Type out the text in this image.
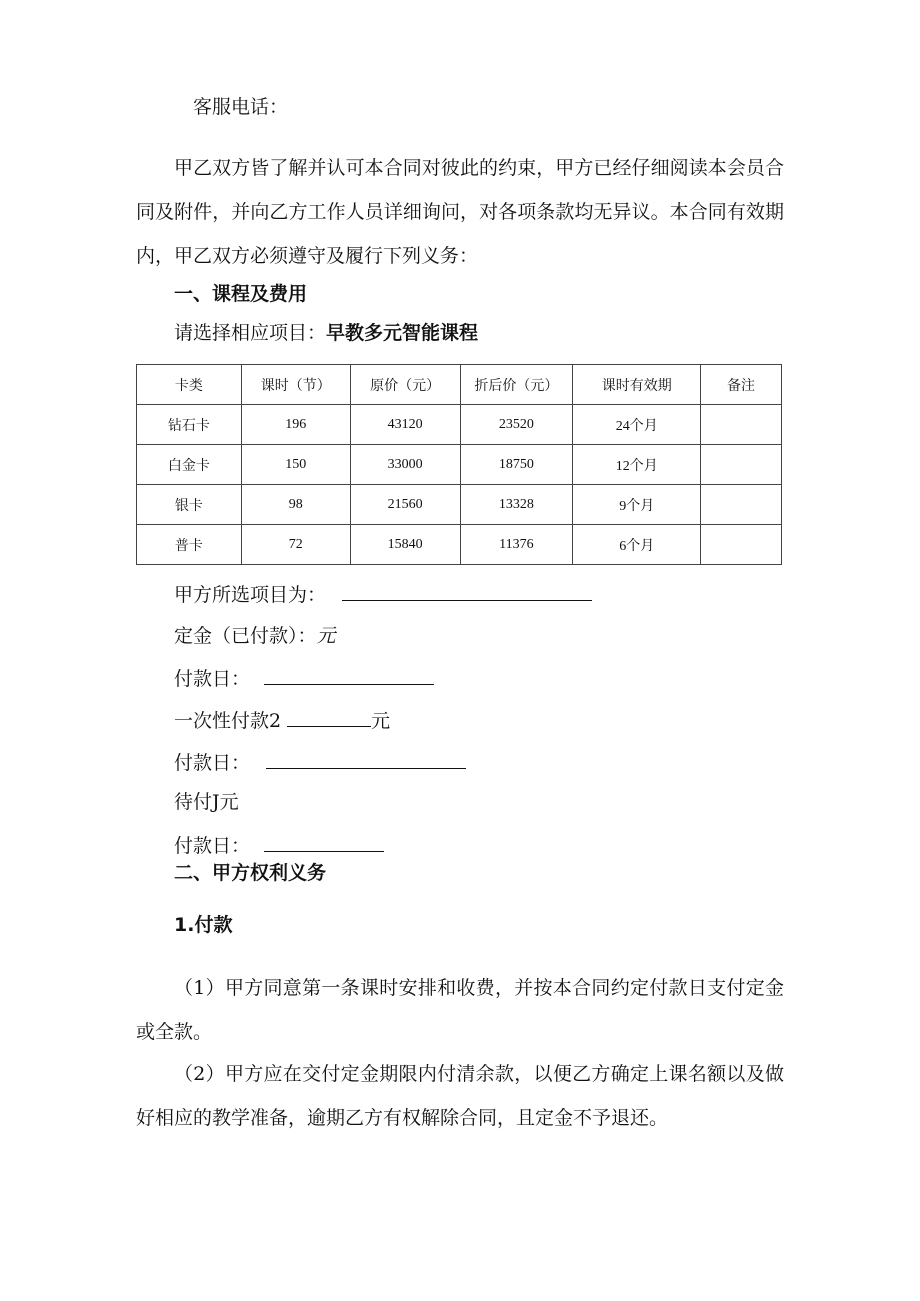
客服电话：
甲乙双方皆了解并认可本合同对彼此的约束，甲方已经仔细阅读本会员合同及附件，并向乙方工作人员详细询问，对各项条款均无异议。本合同有效期内，甲乙双方必须遵守及履行下列义务：
一、课程及费用
请选择相应项目：早教多元智能课程
卡类	课时（节）	原价（元）	折后价（元）	课时有效期	备注
钻石卡	196	43120	23520	24个月	
白金卡	150	33000	18750	12个月	
银卡	98	21560	13328	9个月	
普卡	72	15840	11376	6个月	
甲方所选项目为：
定金（已付款）：元
付款日：
一次性付款2	元
付款日：
待付J元
付款日：
二、甲方权利义务
1.付款
（1）甲方同意第一条课时安排和收费，并按本合同约定付款日支付定金或全款。
（2）甲方应在交付定金期限内付清余款，以便乙方确定上课名额以及做好相应的教学准备，逾期乙方有权解除合同，且定金不予退还。
